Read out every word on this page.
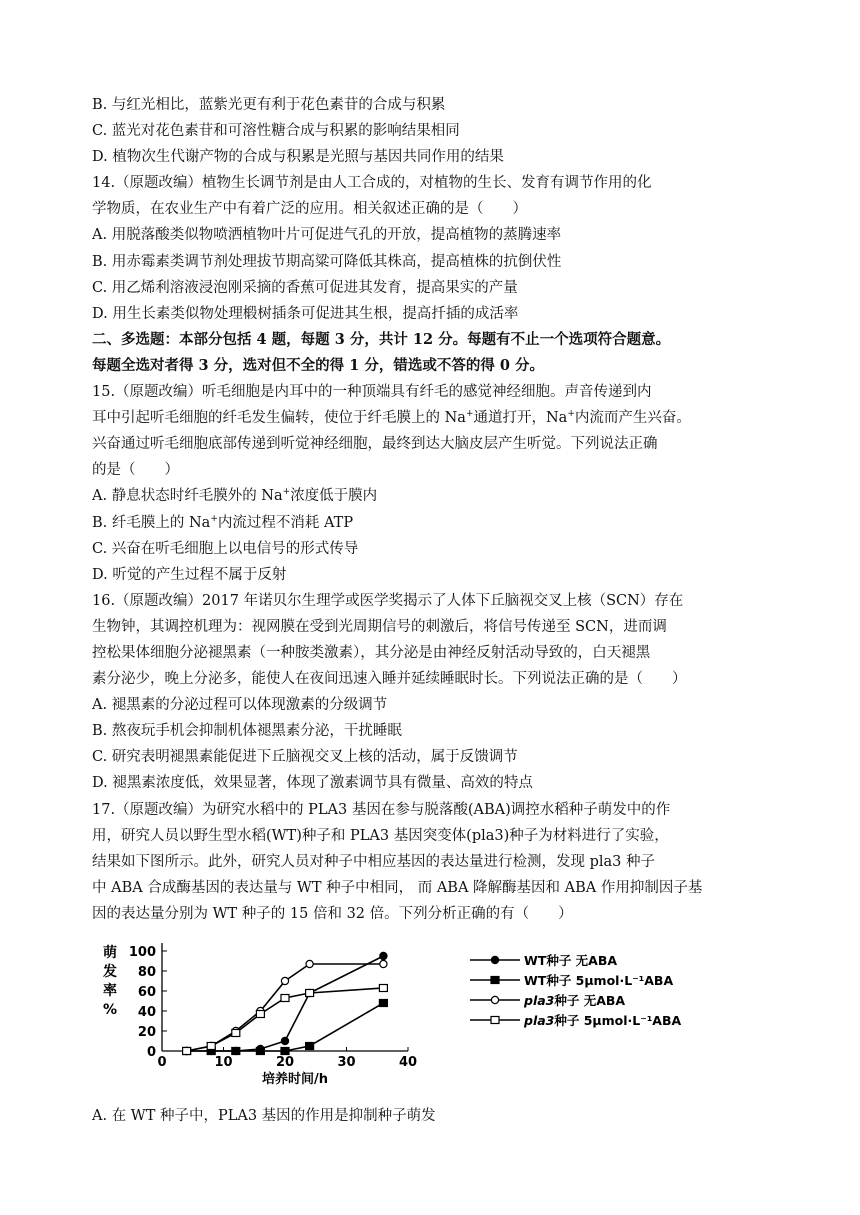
B. 与红光相比，蓝紫光更有利于花色素苷的合成与积累
C. 蓝光对花色素苷和可溶性糖合成与积累的影响结果相同
D. 植物次生代谢产物的合成与积累是光照与基因共同作用的结果
14.（原题改编）植物生长调节剂是由人工合成的，对植物的生长、发育有调节作用的化
学物质，在农业生产中有着广泛的应用。相关叙述正确的是（　　）
A. 用脱落酸类似物喷洒植物叶片可促进气孔的开放，提高植物的蒸腾速率
B. 用赤霉素类调节剂处理拔节期高粱可降低其株高，提高植株的抗倒伏性
C. 用乙烯利溶液浸泡刚采摘的香蕉可促进其发育，提高果实的产量
D. 用生长素类似物处理椴树插条可促进其生根，提高扦插的成活率
二、多选题：本部分包括 4 题，每题 3 分，共计 12 分。每题有不止一个选项符合题意。
每题全选对者得 3 分，选对但不全的得 1 分，错选或不答的得 0 分。
15.（原题改编）听毛细胞是内耳中的一种顶端具有纤毛的感觉神经细胞。声音传递到内
耳中引起听毛细胞的纤毛发生偏转，使位于纤毛膜上的 Na+通道打开，Na+内流而产生兴奋。
兴奋通过听毛细胞底部传递到听觉神经细胞，最终到达大脑皮层产生听觉。下列说法正确
的是（　　）
A. 静息状态时纤毛膜外的 Na+浓度低于膜内
B. 纤毛膜上的 Na+内流过程不消耗 ATP
C. 兴奋在听毛细胞上以电信号的形式传导
D. 听觉的产生过程不属于反射
16.（原题改编）2017 年诺贝尔生理学或医学奖揭示了人体下丘脑视交叉上核（SCN）存在
生物钟，其调控机理为：视网膜在受到光周期信号的刺激后，将信号传递至 SCN，进而调
控松果体细胞分泌褪黑素（一种胺类激素），其分泌是由神经反射活动导致的，白天褪黑
素分泌少，晚上分泌多，能使人在夜间迅速入睡并延续睡眠时长。下列说法正确的是（　　）
A. 褪黑素的分泌过程可以体现激素的分级调节
B. 熬夜玩手机会抑制机体褪黑素分泌，干扰睡眠
C. 研究表明褪黑素能促进下丘脑视交叉上核的活动，属于反馈调节
D. 褪黑素浓度低，效果显著，体现了激素调节具有微量、高效的特点
17.（原题改编）为研究水稻中的 PLA3 基因在参与脱落酸(ABA)调控水稻种子萌发中的作
用，研究人员以野生型水稻(WT)种子和 PLA3 基因突变体(pla3)种子为材料进行了实验，
结果如下图所示。此外，研究人员对种子中相应基因的表达量进行检测，发现 pla3 种子
中 ABA 合成酶基因的表达量与 WT 种子中相同， 而 ABA 降解酶基因和 ABA 作用抑制因子基
因的表达量分别为 WT 种子的 15 倍和 32 倍。下列分析正确的有（　　）
0
20
40
60
80
100
0	10	20	30	40
培养时间/h
萌
发
率
%
WT种子 无ABA
WT种子 5μmol·L⁻¹ABA
pla3种子 无ABA
pla3种子 5μmol·L⁻¹ABA
A. 在 WT 种子中，PLA3 基因的作用是抑制种子萌发
